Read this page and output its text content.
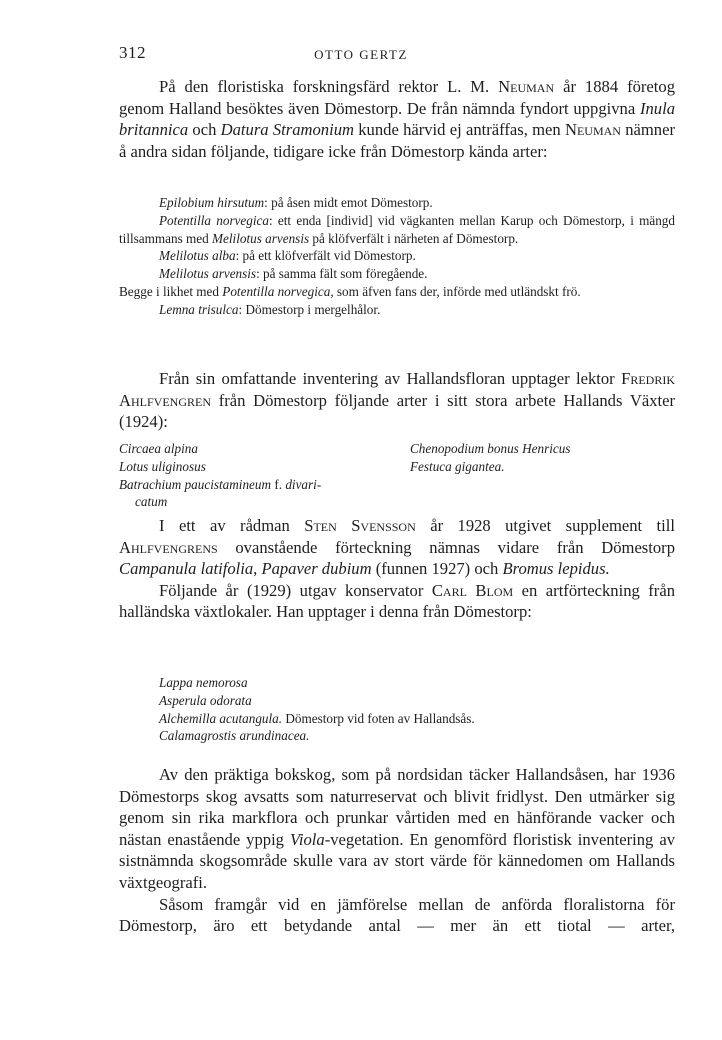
312	OTTO GERTZ

På den floristiska forskningsfärd rektor L. M. Neuman år 1884 företog genom Halland besöktes även Dömestorp. De från nämnda fyndort uppgivna Inula britannica och Datura Stramonium kunde härvid ej anträffas, men Neuman nämner å andra sidan följande, tidigare icke från Dömestorp kända arter:

Epilobium hirsutum: på åsen midt emot Dömestorp.

Potentilla norvegica: ett enda [individ] vid vägkanten mellan Karup och Dömestorp, i mängd tillsammans med Melilotus arvensis på klöfverfält i närheten af Dömestorp.

Melilotus alba: på ett klöfverfält vid Dömestorp.

Melilotus arvensis: på samma fält som föregående.

Begge i likhet med Potentilla norvegica, som äfven fans der, införde med utländskt frö.

Lemna trisulca: Dömestorp i mergelhålor.

Från sin omfattande inventering av Hallandsfloran upptager lektor Fredrik Ahlfvengren från Dömestorp följande arter i sitt stora arbete Hallands Växter (1924):

Circaea alpina
Lotus uliginosus
Batrachium paucistamineum f. divari-
catum
Chenopodium bonus Henricus
Festuca gigantea.

I ett av rådman Sten Svensson år 1928 utgivet supplement till Ahlfvengrens ovanstående förteckning nämnas vidare från Dömestorp Campanula latifolia, Papaver dubium (funnen 1927) och Bromus lepidus.

Följande år (1929) utgav konservator Carl Blom en artförteckning från halländska växtlokaler. Han upptager i denna från Dömestorp:

Lappa nemorosa
Asperula odorata
Alchemilla acutangula. Dömestorp vid foten av Hallandsås.
Calamagrostis arundinacea.

Av den präktiga bokskog, som på nordsidan täcker Hallandsåsen, har 1936 Dömestorps skog avsatts som naturreservat och blivit fridlyst. Den utmärker sig genom sin rika markflora och prunkar vårtiden med en hänförande vacker och nästan enastående yppig Viola-vegetation. En genomförd floristisk inventering av sistnämnda skogsområde skulle vara av stort värde för kännedomen om Hallands växtgeografi.

Såsom framgår vid en jämförelse mellan de anförda floralistorna för Dömestorp, äro ett betydande antal — mer än ett tiotal — arter,
